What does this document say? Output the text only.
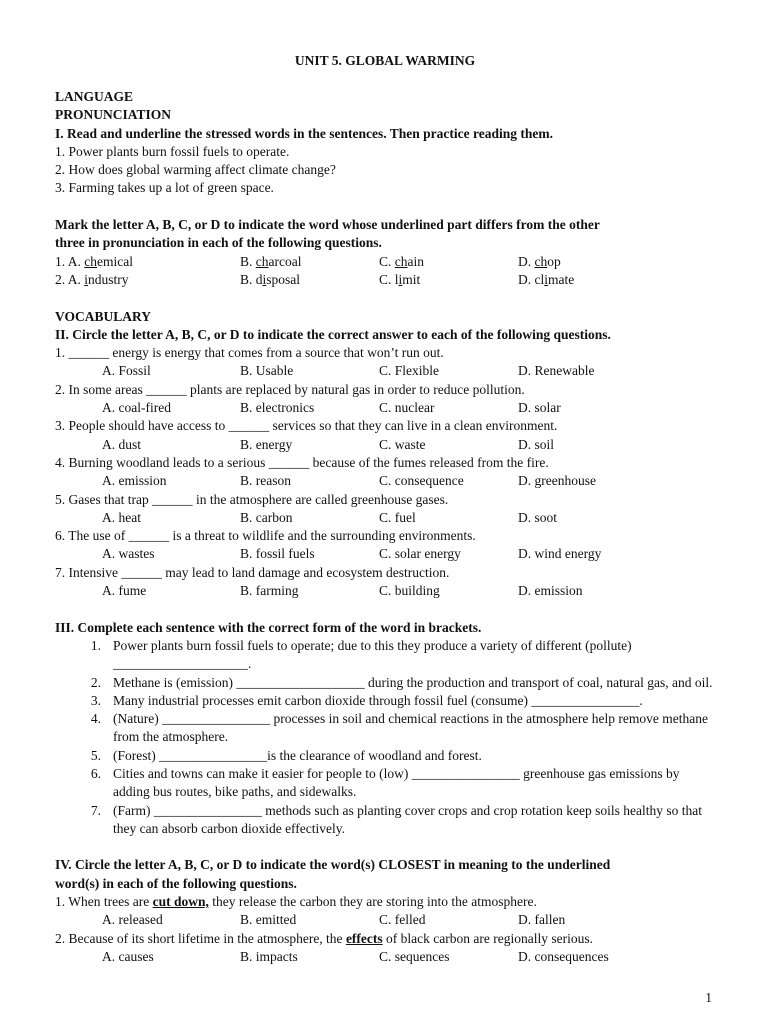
UNIT 5. GLOBAL WARMING
LANGUAGE
PRONUNCIATION
I. Read and underline the stressed words in the sentences. Then practice reading them.
1. Power plants burn fossil fuels to operate.
2. How does global warming affect climate change?
3. Farming takes up a lot of green space.
Mark the letter A, B, C, or D to indicate the word whose underlined part differs from the other
three in pronunciation in each of the following questions.
1. A. chemical	B. charcoal	C. chain	D. chop
2. A. industry	B. disposal	C. limit	D. climate
VOCABULARY
II. Circle the letter A, B, C, or D to indicate the correct answer to each of the following questions.
1. ______ energy is energy that comes from a source that won’t run out.
A. Fossil	B. Usable	C. Flexible	D. Renewable
2. In some areas ______ plants are replaced by natural gas in order to reduce pollution.
A. coal-fired	B. electronics	C. nuclear	D. solar
3. People should have access to ______ services so that they can live in a clean environment.
A. dust	B. energy	C. waste	D. soil
4. Burning woodland leads to a serious ______ because of the fumes released from the fire.
A. emission	B. reason	C. consequence	D. greenhouse
5. Gases that trap ______ in the atmosphere are called greenhouse gases.
A. heat	B. carbon	C. fuel	D. soot
6. The use of ______ is a threat to wildlife and the surrounding environments.
A. wastes	B. fossil fuels	C. solar energy	D. wind energy
7. Intensive ______ may lead to land damage and ecosystem destruction.
A. fume	B. farming	C. building	D. emission
III. Complete each sentence with the correct form of the word in brackets.
1. Power plants burn fossil fuels to operate; due to this they produce a variety of different (pollute) ____________________.
2. Methane is (emission) ___________________ during the production and transport of coal, natural gas, and oil.
3. Many industrial processes emit carbon dioxide through fossil fuel (consume) ________________.
4. (Nature) ________________ processes in soil and chemical reactions in the atmosphere help remove methane from the atmosphere.
5. (Forest) ________________is the clearance of woodland and forest.
6. Cities and towns can make it easier for people to (low) ________________ greenhouse gas emissions by adding bus routes, bike paths, and sidewalks.
7. (Farm) ________________ methods such as planting cover crops and crop rotation keep soils healthy so that they can absorb carbon dioxide effectively.
IV. Circle the letter A, B, C, or D to indicate the word(s) CLOSEST in meaning to the underlined
word(s) in each of the following questions.
1. When trees are cut down, they release the carbon they are storing into the atmosphere.
A. released	B. emitted	C. felled	D. fallen
2. Because of its short lifetime in the atmosphere, the effects of black carbon are regionally serious.
A. causes	B. impacts	C. sequences	D. consequences
1
